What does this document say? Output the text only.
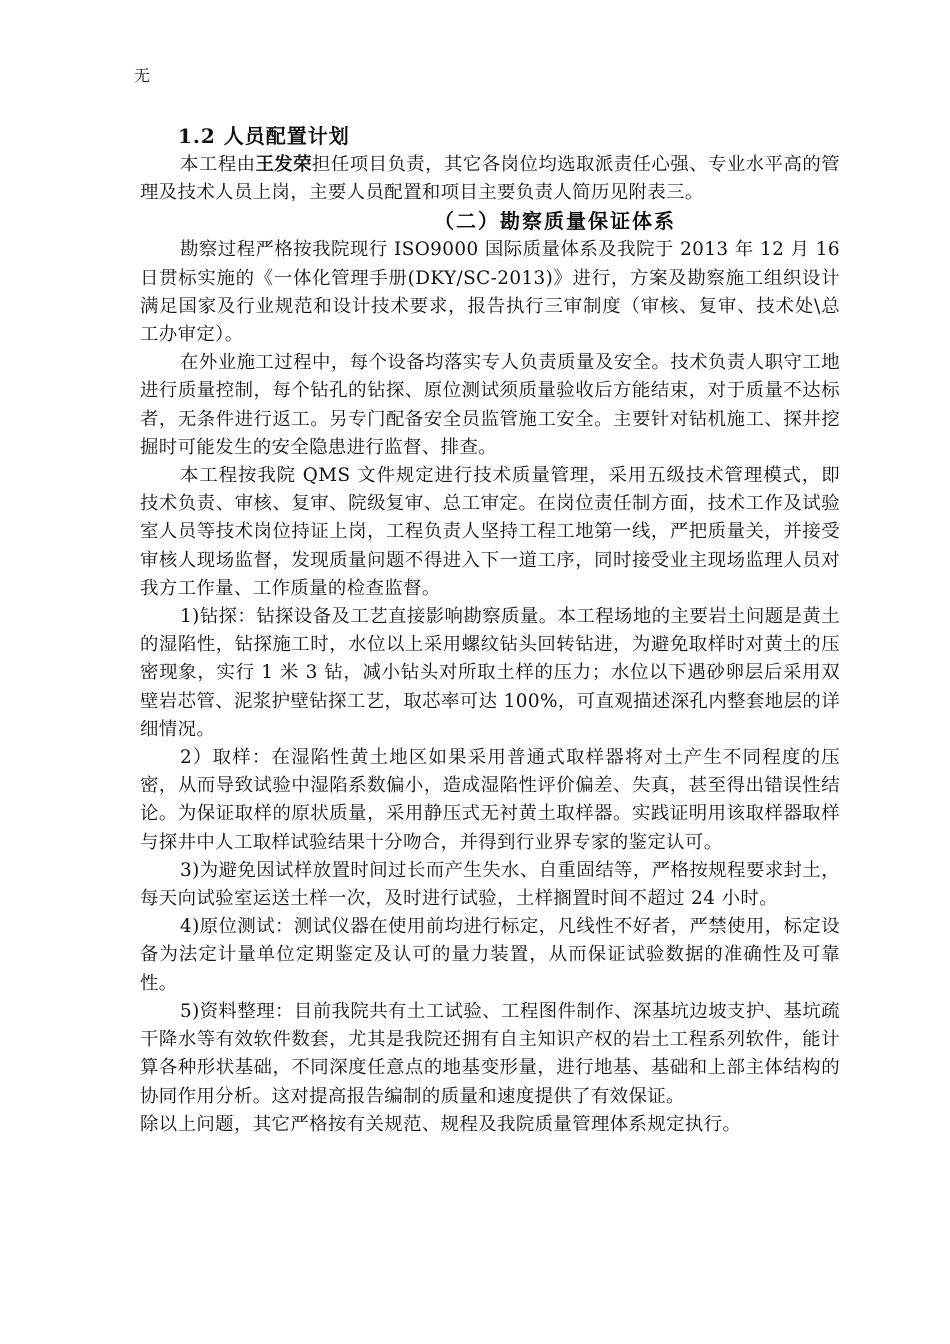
无
1.2 人员配置计划

本工程由王发荣担任项目负责，其它各岗位均选取派责任心强、专业水平高的管理及技术人员上岗，主要人员配置和项目主要负责人简历见附表三。

（二）勘察质量保证体系

勘察过程严格按我院现行 ISO9000 国际质量体系及我院于 2013 年 12 月 16 日贯标实施的《一体化管理手册(DKY/SC-2013)》进行，方案及勘察施工组织设计满足国家及行业规范和设计技术要求，报告执行三审制度（审核、复审、技术处\总工办审定）。

在外业施工过程中，每个设备均落实专人负责质量及安全。技术负责人职守工地进行质量控制，每个钻孔的钻探、原位测试须质量验收后方能结束，对于质量不达标者，无条件进行返工。另专门配备安全员监管施工安全。主要针对钻机施工、探井挖掘时可能发生的安全隐患进行监督、排查。

本工程按我院 QMS 文件规定进行技术质量管理，采用五级技术管理模式，即技术负责、审核、复审、院级复审、总工审定。在岗位责任制方面，技术工作及试验室人员等技术岗位持证上岗，工程负责人坚持工程工地第一线，严把质量关，并接受审核人现场监督，发现质量问题不得进入下一道工序，同时接受业主现场监理人员对我方工作量、工作质量的检查监督。

1)钻探：钻探设备及工艺直接影响勘察质量。本工程场地的主要岩土问题是黄土的湿陷性，钻探施工时，水位以上采用螺纹钻头回转钻进，为避免取样时对黄土的压密现象，实行 1 米 3 钻，减小钻头对所取土样的压力；水位以下遇砂卵层后采用双壁岩芯管、泥浆护壁钻探工艺，取芯率可达 100%，可直观描述深孔内整套地层的详细情况。

2）取样：在湿陷性黄土地区如果采用普通式取样器将对土产生不同程度的压密，从而导致试验中湿陷系数偏小，造成湿陷性评价偏差、失真，甚至得出错误性结论。为保证取样的原状质量，采用静压式无衬黄土取样器。实践证明用该取样器取样与探井中人工取样试验结果十分吻合，并得到行业界专家的鉴定认可。

3)为避免因试样放置时间过长而产生失水、自重固结等，严格按规程要求封土，每天向试验室运送土样一次，及时进行试验，土样搁置时间不超过 24 小时。

4)原位测试：测试仪器在使用前均进行标定，凡线性不好者，严禁使用，标定设备为法定计量单位定期鉴定及认可的量力装置，从而保证试验数据的准确性及可靠性。

5)资料整理：目前我院共有土工试验、工程图件制作、深基坑边坡支护、基坑疏干降水等有效软件数套，尤其是我院还拥有自主知识产权的岩土工程系列软件，能计算各种形状基础，不同深度任意点的地基变形量，进行地基、基础和上部主体结构的协同作用分析。这对提高报告编制的质量和速度提供了有效保证。

除以上问题，其它严格按有关规范、规程及我院质量管理体系规定执行。
